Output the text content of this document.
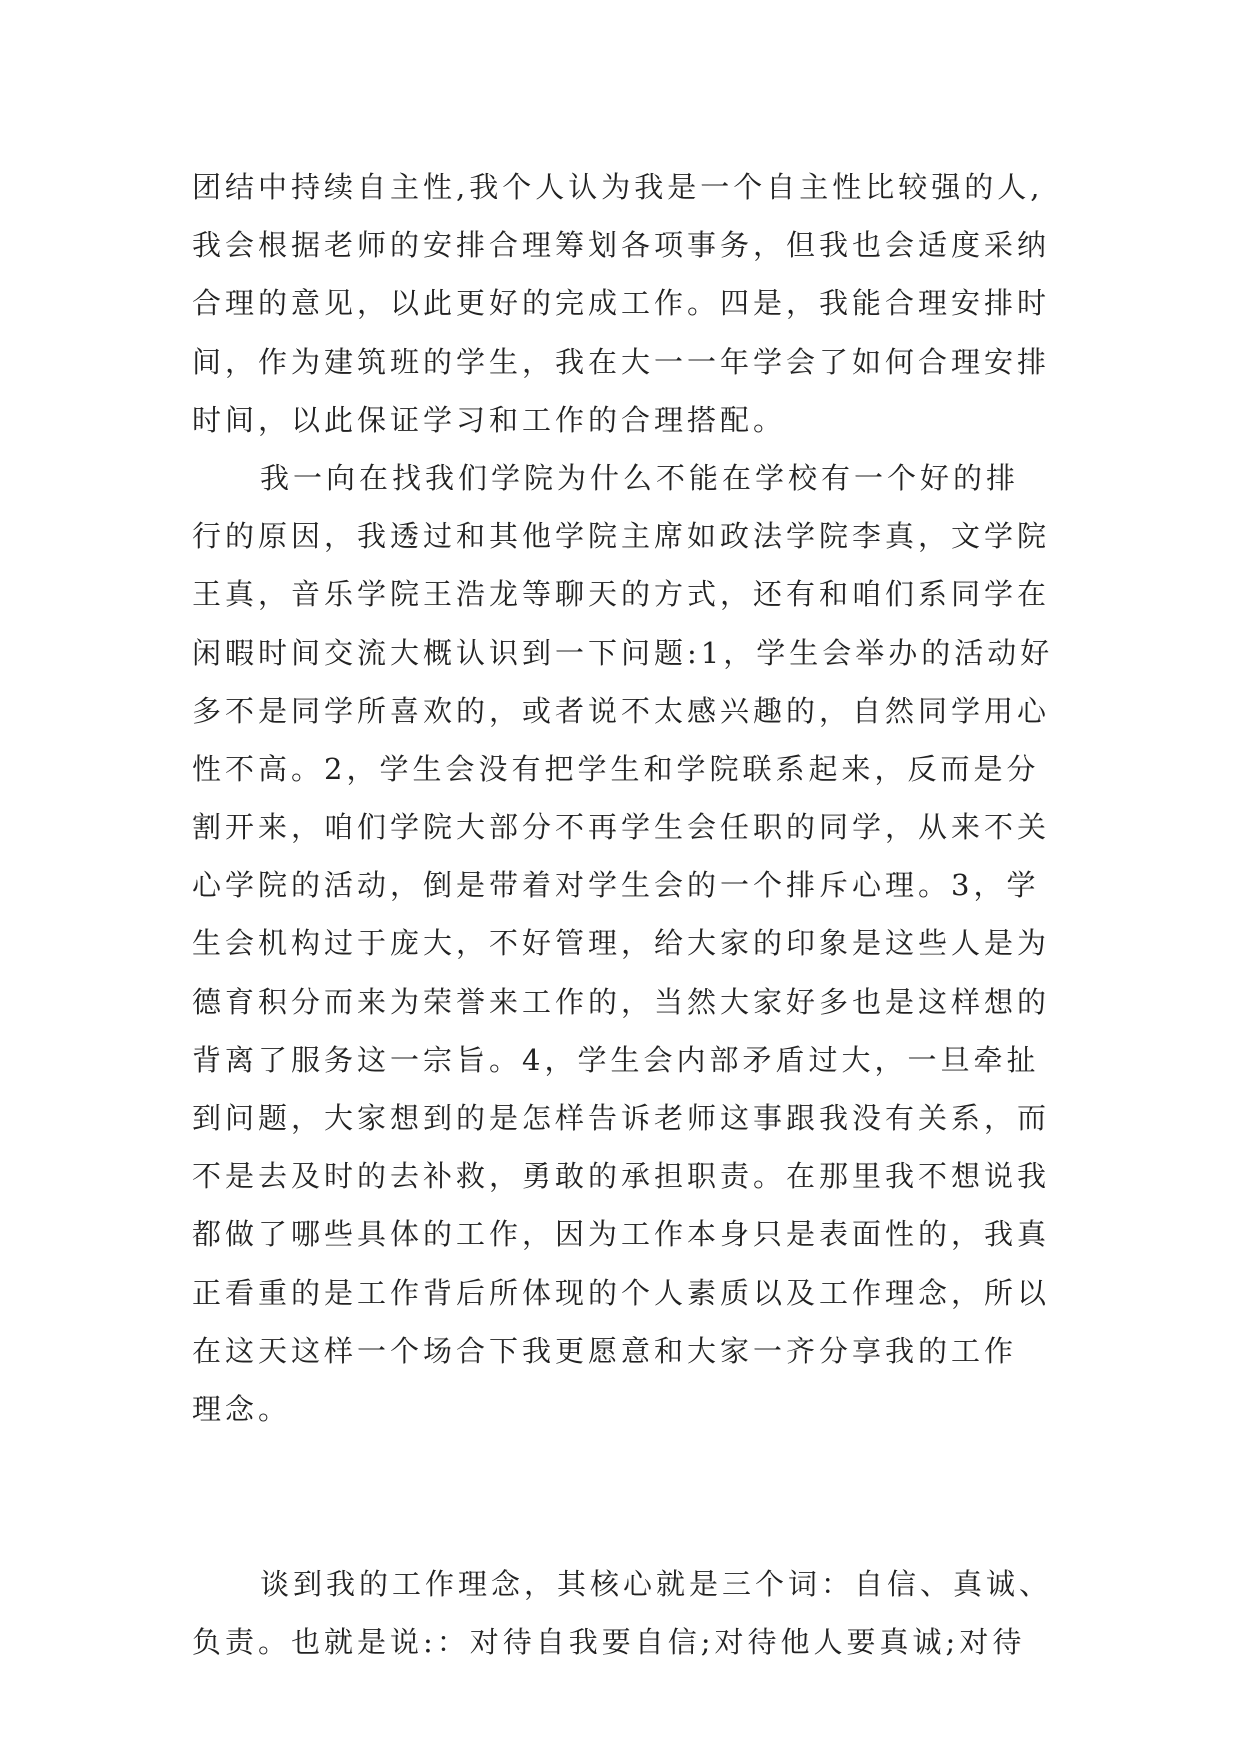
团结中持续自主性,我个人认为我是一个自主性比较强的人,
我会根据老师的安排合理筹划各项事务，但我也会适度采纳
合理的意见，以此更好的完成工作。四是，我能合理安排时
间，作为建筑班的学生，我在大一一年学会了如何合理安排
时间，以此保证学习和工作的合理搭配。
我一向在找我们学院为什么不能在学校有一个好的排
行的原因，我透过和其他学院主席如政法学院李真，文学院
王真，音乐学院王浩龙等聊天的方式，还有和咱们系同学在
闲暇时间交流大概认识到一下问题:1，学生会举办的活动好
多不是同学所喜欢的，或者说不太感兴趣的，自然同学用心
性不高。2，学生会没有把学生和学院联系起来，反而是分
割开来，咱们学院大部分不再学生会任职的同学，从来不关
心学院的活动，倒是带着对学生会的一个排斥心理。3，学
生会机构过于庞大，不好管理，给大家的印象是这些人是为
德育积分而来为荣誉来工作的，当然大家好多也是这样想的
背离了服务这一宗旨。4，学生会内部矛盾过大，一旦牵扯
到问题，大家想到的是怎样告诉老师这事跟我没有关系，而
不是去及时的去补救，勇敢的承担职责。在那里我不想说我
都做了哪些具体的工作，因为工作本身只是表面性的，我真
正看重的是工作背后所体现的个人素质以及工作理念，所以
在这天这样一个场合下我更愿意和大家一齐分享我的工作
理念。
谈到我的工作理念，其核心就是三个词：自信、真诚、
负责。也就是说:：对待自我要自信;对待他人要真诚;对待
